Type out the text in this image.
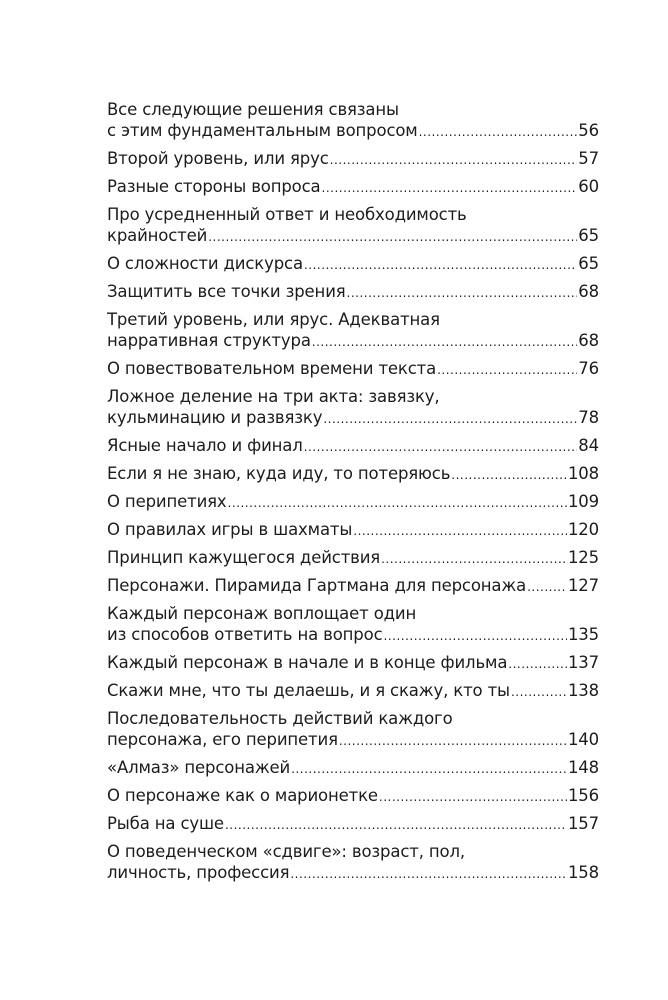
Все следующие решения связаны
с этим фундаментальным вопросом .....	56
Второй уровень, или ярус .....	57
Разные стороны вопроса .....	60
Про усредненный ответ и необходимость
крайностей .....	65
О сложности дискурса .....	65
Защитить все точки зрения .....	68
Третий уровень, или ярус. Адекватная
нарративная структура .....	68
О повествовательном времени текста .....	76
Ложное деление на три акта: завязку,
кульминацию и развязку .....	78
Ясные начало и финал .....	84
Если я не знаю, куда иду, то потеряюсь .....	108
О перипетиях .....	109
О правилах игры в шахматы .....	120
Принцип кажущегося действия .....	125
Персонажи. Пирамида Гартмана для персонажа .....	127
Каждый персонаж воплощает один
из способов ответить на вопрос .....	135
Каждый персонаж в начале и в конце фильма .....	137
Скажи мне, что ты делаешь, и я скажу, кто ты .....	138
Последовательность действий каждого
персонажа, его перипетия .....	140
«Алмаз» персонажей .....	148
О персонаже как о марионетке .....	156
Рыба на суше .....	157
О поведенческом «сдвиге»: возраст, пол,
личность, профессия .....	158
